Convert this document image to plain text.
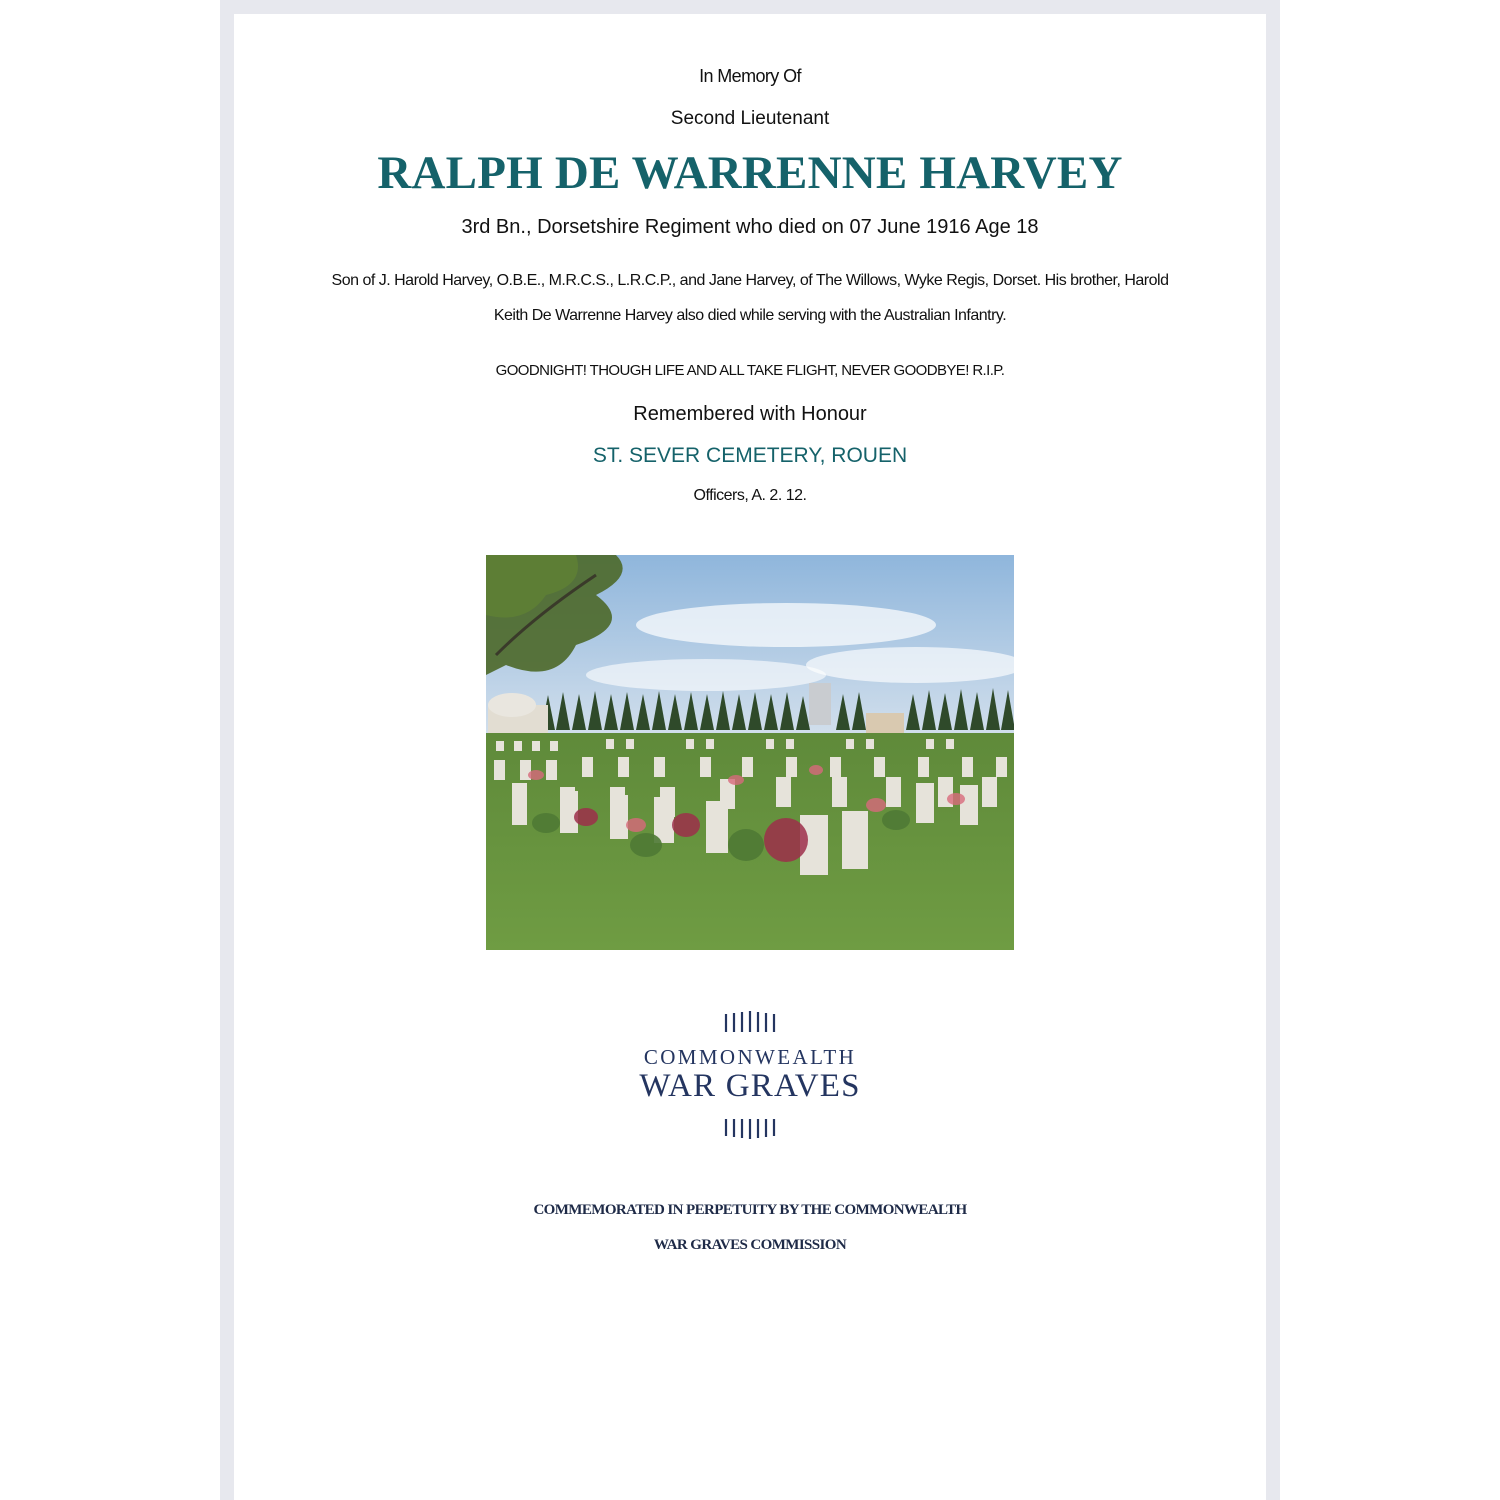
In Memory Of
Second Lieutenant
RALPH DE WARRENNE HARVEY
3rd Bn., Dorsetshire Regiment who died on 07 June 1916 Age 18
Son of J. Harold Harvey, O.B.E., M.R.C.S., L.R.C.P., and Jane Harvey, of The Willows, Wyke Regis, Dorset. His brother, Harold
Keith De Warrenne Harvey also died while serving with the Australian Infantry.
GOODNIGHT! THOUGH LIFE AND ALL TAKE FLIGHT, NEVER GOODBYE! R.I.P.
Remembered with Honour
ST. SEVER CEMETERY, ROUEN
Officers, A. 2. 12.
COMMONWEALTH
WAR GRAVES
COMMEMORATED IN PERPETUITY BY THE COMMONWEALTH
WAR GRAVES COMMISSION
